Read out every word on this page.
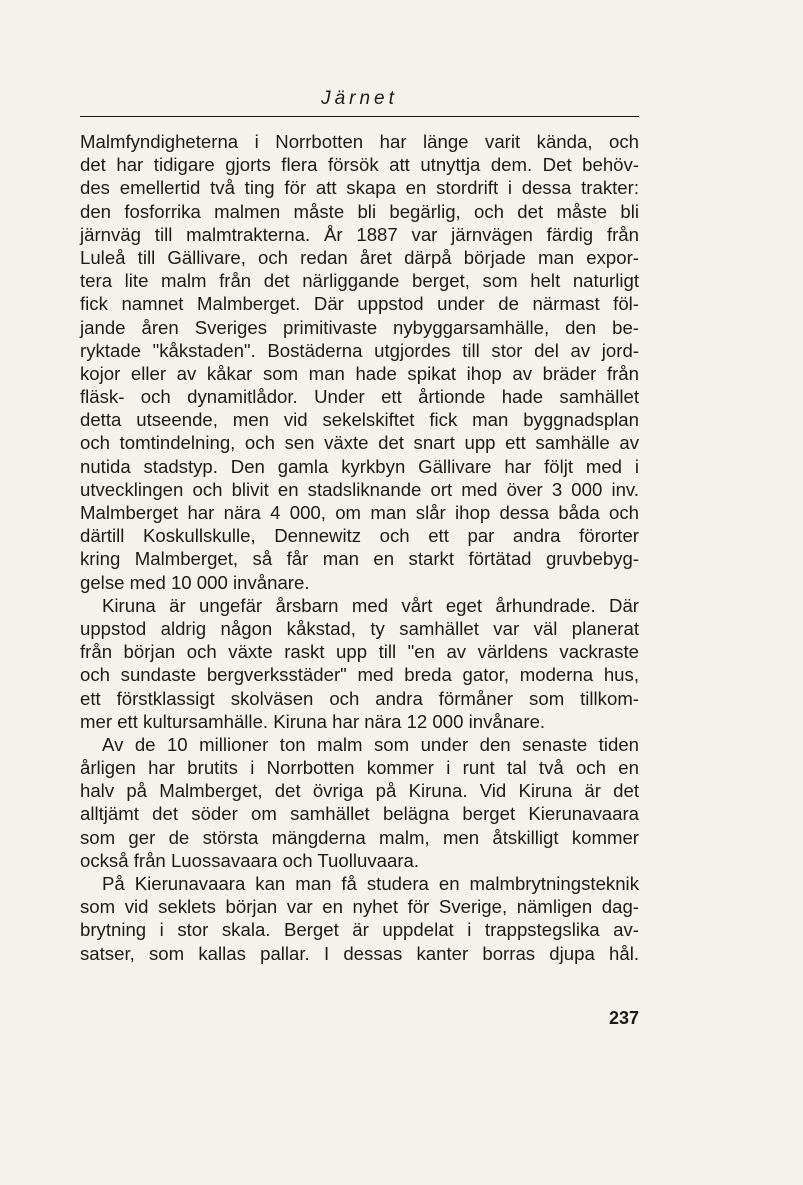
Järnet
Malmfyndigheterna i Norrbotten har länge varit kända, och
det har tidigare gjorts flera försök att utnyttja dem. Det behöv-
des emellertid två ting för att skapa en stordrift i dessa trakter:
den fosforrika malmen måste bli begärlig, och det måste bli
järnväg till malmtrakterna. År 1887 var järnvägen färdig från
Luleå till Gällivare, och redan året därpå började man expor-
tera lite malm från det närliggande berget, som helt naturligt
fick namnet Malmberget. Där uppstod under de närmast föl-
jande åren Sveriges primitivaste nybyggarsamhälle, den be-
ryktade "kåkstaden". Bostäderna utgjordes till stor del av jord-
kojor eller av kåkar som man hade spikat ihop av bräder från
fläsk- och dynamitlådor. Under ett årtionde hade samhället
detta utseende, men vid sekelskiftet fick man byggnadsplan
och tomtindelning, och sen växte det snart upp ett samhälle av
nutida stadstyp. Den gamla kyrkbyn Gällivare har följt med i
utvecklingen och blivit en stadsliknande ort med över 3 000 inv.
Malmberget har nära 4 000, om man slår ihop dessa båda och
därtill Koskullskulle, Dennewitz och ett par andra förorter
kring Malmberget, så får man en starkt förtätad gruvbebyg-
gelse med 10 000 invånare.
Kiruna är ungefär årsbarn med vårt eget århundrade. Där
uppstod aldrig någon kåkstad, ty samhället var väl planerat
från början och växte raskt upp till "en av världens vackraste
och sundaste bergverksstäder" med breda gator, moderna hus,
ett förstklassigt skolväsen och andra förmåner som tillkom-
mer ett kultursamhälle. Kiruna har nära 12 000 invånare.
Av de 10 millioner ton malm som under den senaste tiden
årligen har brutits i Norrbotten kommer i runt tal två och en
halv på Malmberget, det övriga på Kiruna. Vid Kiruna är det
alltjämt det söder om samhället belägna berget Kierunavaara
som ger de största mängderna malm, men åtskilligt kommer
också från Luossavaara och Tuolluvaara.
På Kierunavaara kan man få studera en malmbrytningsteknik
som vid seklets början var en nyhet för Sverige, nämligen dag-
brytning i stor skala. Berget är uppdelat i trappstegslika av-
satser, som kallas pallar. I dessas kanter borras djupa hål.
237
